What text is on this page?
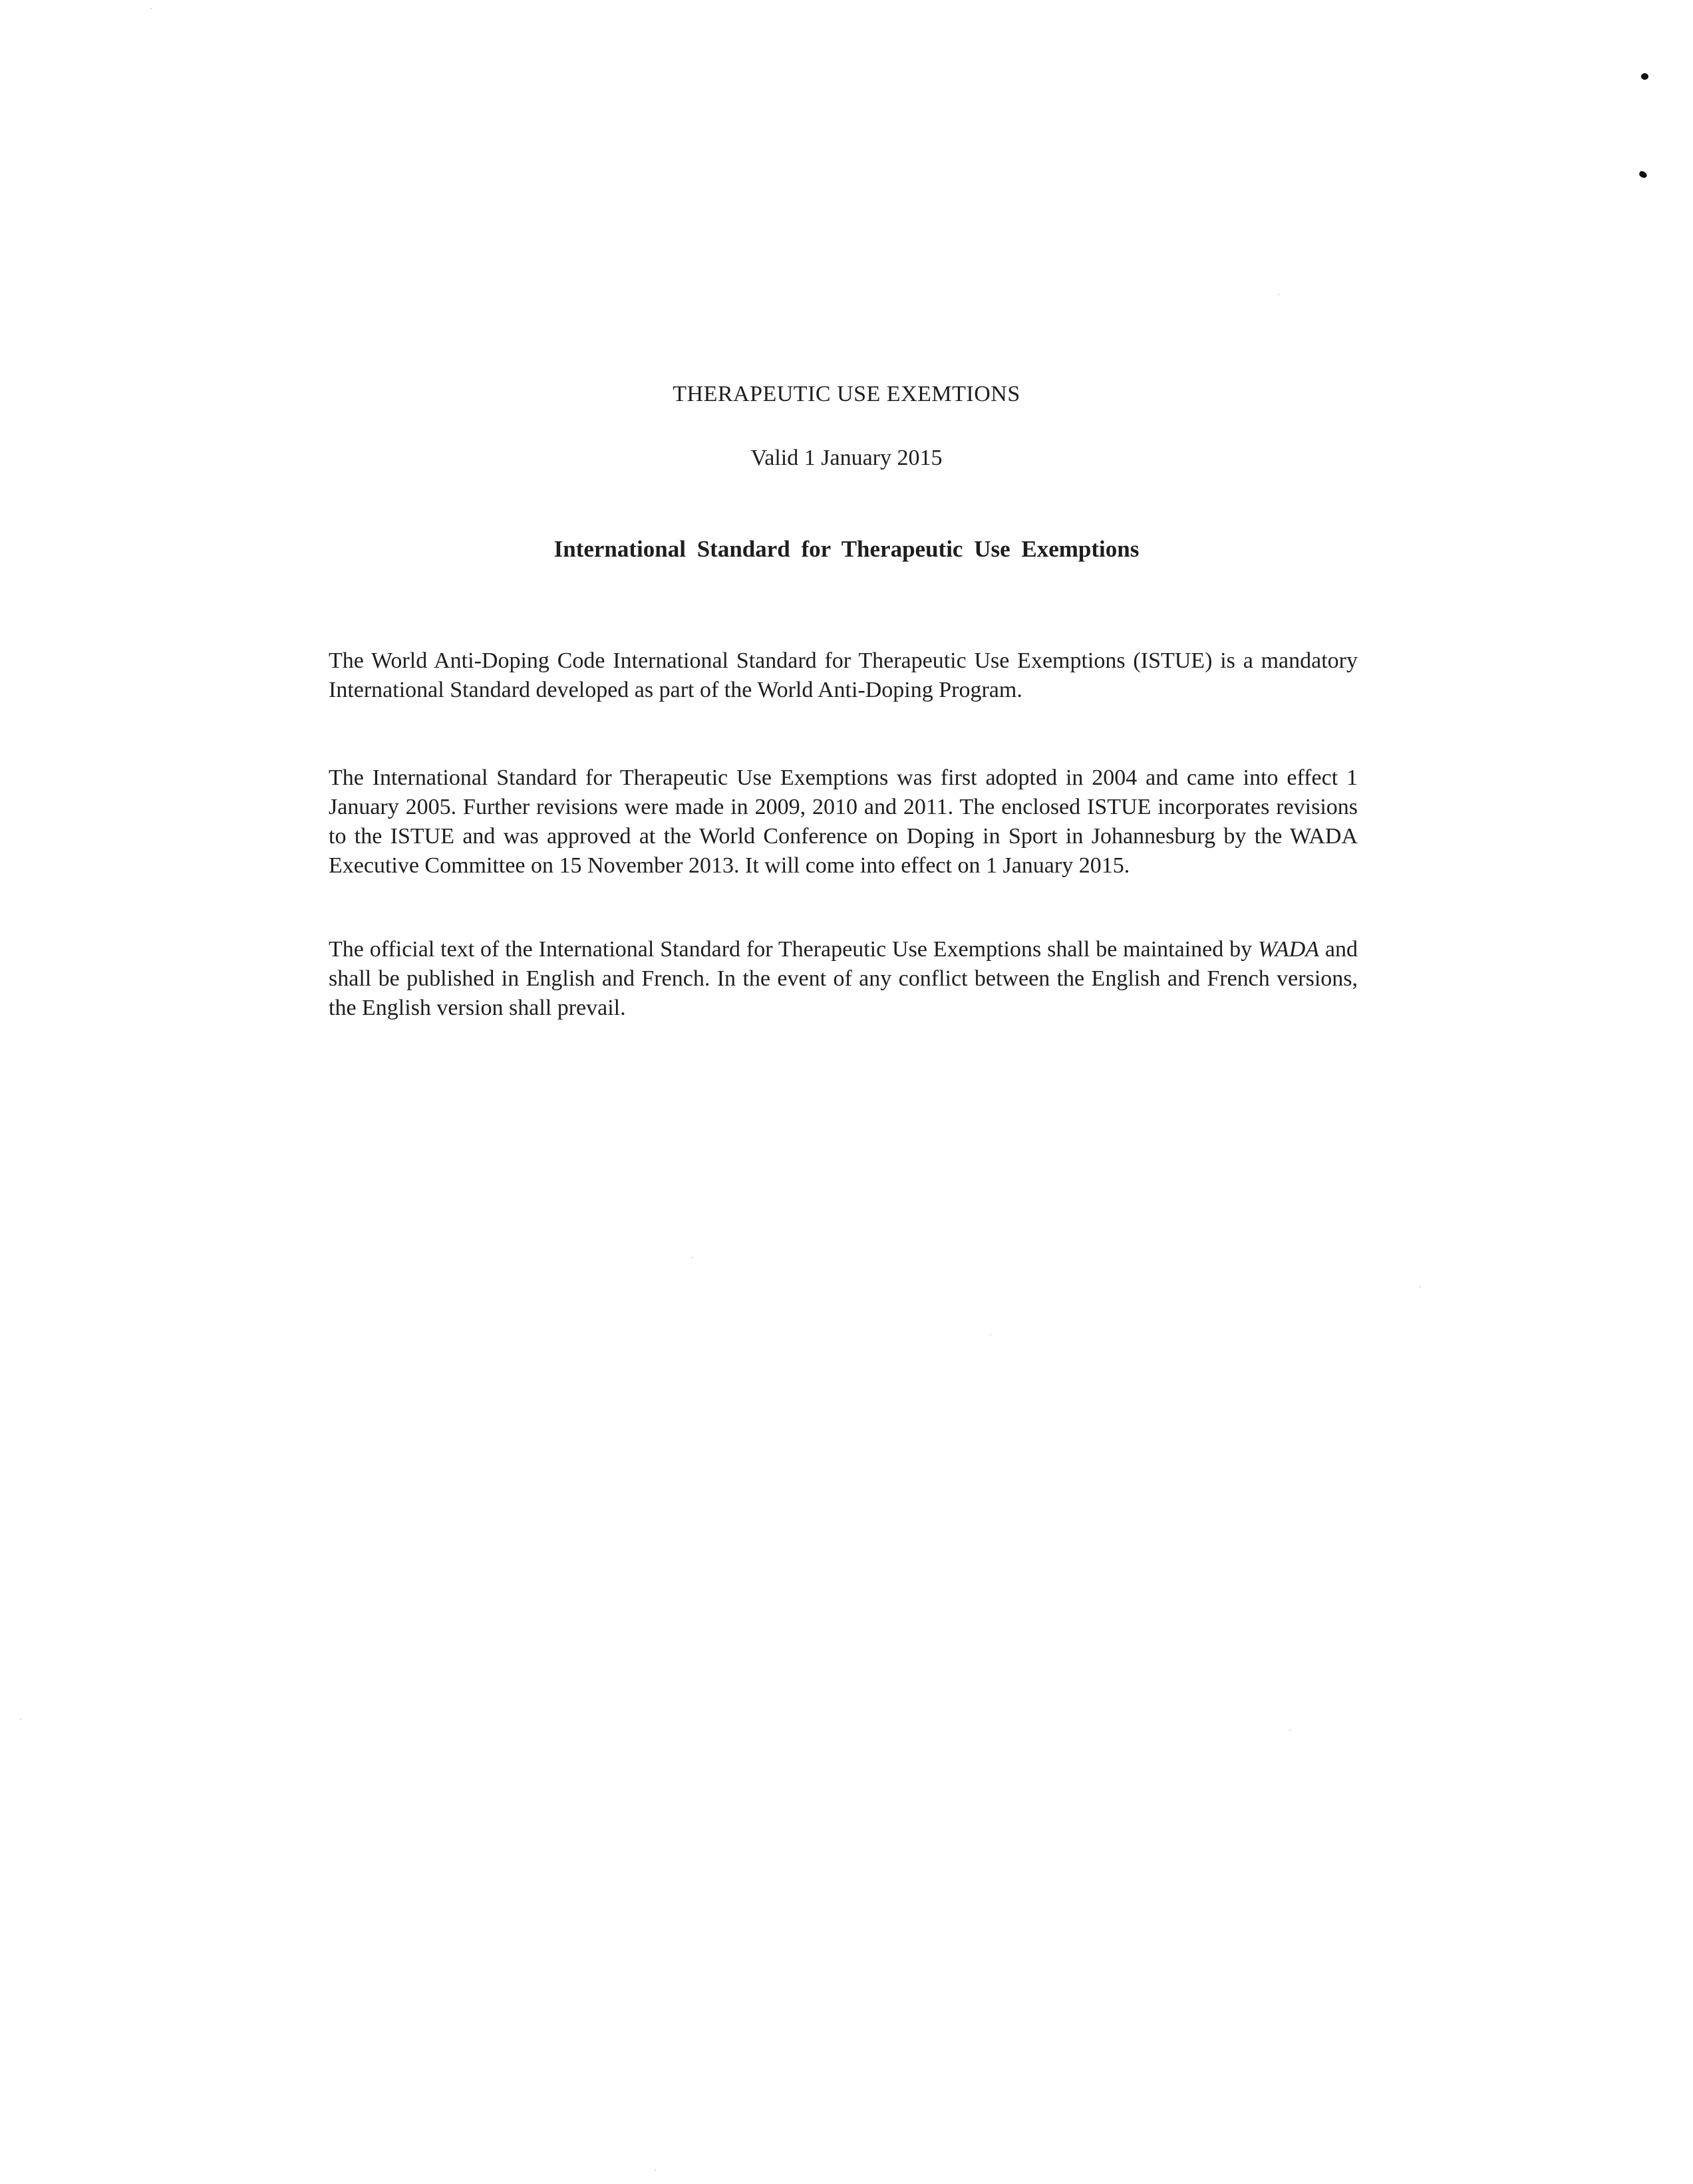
THERAPEUTIC USE EXEMTIONS
Valid 1 January 2015
International Standard for Therapeutic Use Exemptions

The World Anti-Doping Code International Standard for Therapeutic Use Exemptions (ISTUE) is a mandatory International Standard developed as part of the World Anti-Doping Program.

The International Standard for Therapeutic Use Exemptions was first adopted in 2004 and came into effect 1 January 2005. Further revisions were made in 2009, 2010 and 2011. The enclosed ISTUE incorporates revisions to the ISTUE and was approved at the World Conference on Doping in Sport in Johannesburg by the WADA Executive Committee on 15 November 2013. It will come into effect on 1 January 2015.

The official text of the International Standard for Therapeutic Use Exemptions shall be maintained by WADA and shall be published in English and French. In the event of any conflict between the English and French versions, the English version shall prevail.
